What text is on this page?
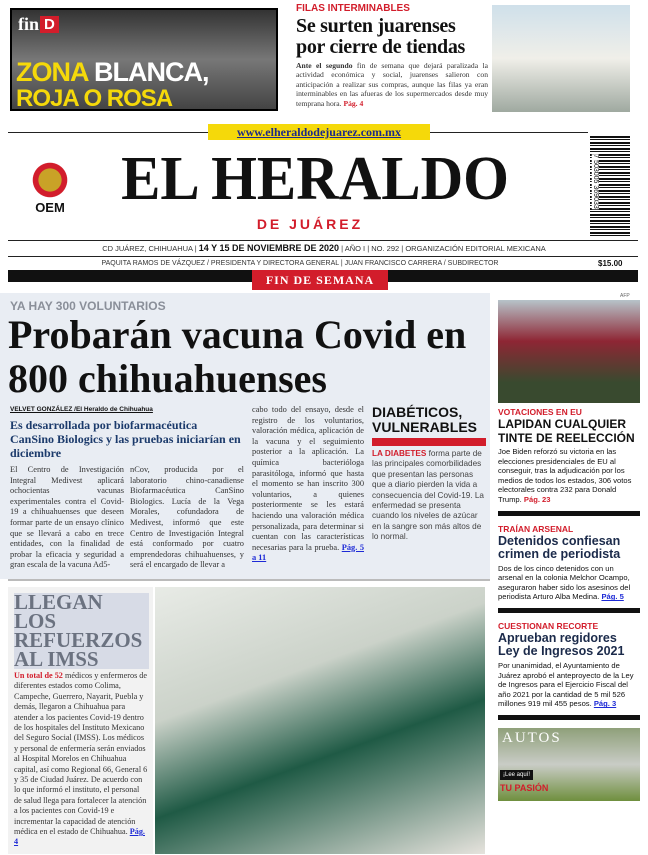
fin D
ZONA BLANCA,
ROJA O ROSA
FILAS INTERMINABLES
Se surten juarenses por cierre de tiendas
Ante el segundo fin de semana que dejará paralizada la actividad económica y social, juarenses salieron con anticipación a realizar sus compras, aunque las filas ya eran interminables en las afueras de los supermercados desde muy temprana hora. Pág. 4
www.elheraldodejuarez.com.mx
OEM EL HERALDO
DE JUÁREZ
7 503005 369033
CD JUÁREZ, CHIHUAHUA | 14 Y 15 DE NOVIEMBRE DE 2020 | AÑO I | NO. 292 | ORGANIZACIÓN EDITORIAL MEXICANA
PAQUITA RAMOS DE VÁZQUEZ / PRESIDENTA Y DIRECTORA GENERAL | JUAN FRANCISCO CARRERA / SUBDIRECTOR	$15.00
FIN DE SEMANA
YA HAY 300 VOLUNTARIOS
Probarán vacuna Covid en 800 chihuahuenses
VELVET GONZÁLEZ /El Heraldo de Chihuahua
Es desarrollada por biofarmacéutica CanSino Biologics y las pruebas iniciarían en diciembre
El Centro de Investigación Integral Medivest aplicará ochocientas vacunas experimentales contra el Covid-19 a chihuahuenses que deseen formar parte de un ensayo clínico que se llevará a cabo en trece entidades, con la finalidad de probar la eficacia y seguridad a gran escala de la vacuna Ad5-
nCov, producida por el laboratorio chino-canadiense Biofarmacéutica CanSino Biologics. Lucía de la Vega Morales, cofundadora de Medivest, informó que este Centro de Investigación Integral está conformado por cuatro emprendedoras chihuahuenses, y será el encargado de llevar a
cabo todo del ensayo, desde el registro de los voluntarios, valoración médica, aplicación de la vacuna y el seguimiento posterior a la aplicación. La química bacterióloga parasitóloga, informó que hasta el momento se han inscrito 300 voluntarios, a quienes posteriormente se les estará haciendo una valoración médica personalizada, para determinar si cuentan con las características necesarias para la prueba. Pág. 5 a 11
DIABÉTICOS, VULNERABLES
LA DIABETES forma parte de las principales comorbilidades que presentan las personas que a diario pierden la vida a consecuencia del Covid-19. La enfermedad se presenta cuando los niveles de azúcar en la sangre son más altos de lo normal.
LLEGAN LOS REFUERZOS AL IMSS
Un total de 52 médicos y enfermeros de diferentes estados como Colima, Campeche, Guerrero, Nayarit, Puebla y demás, llegaron a Chihuahua para atender a los pacientes Covid-19 dentro de los hospitales del Instituto Mexicano del Seguro Social (IMSS). Los médicos y personal de enfermería serán enviados al Hospital Morelos en Chihuahua capital, así como Regional 66, General 6 y 35 de Ciudad Juárez. De acuerdo con lo que informó el instituto, el personal de salud llega para fortalecer la atención a los pacientes con Covid-19 e incrementar la capacidad de atención médica en el estado de Chihuahua. Pág. 4
AFP
VOTACIONES EN EU
LAPIDAN CUALQUIER TINTE DE REELECCIÓN
Joe Biden reforzó su victoria en las elecciones presidenciales de EU al conseguir, tras la adjudicación por los medios de todos los estados, 306 votos electorales contra 232 para Donald Trump. Pág. 23
TRAÍAN ARSENAL
Detenidos confiesan crimen de periodista
Dos de los cinco detenidos con un arsenal en la colonia Melchor Ocampo, aseguraron haber sido los asesinos del periodista Arturo Alba Medina. Pág. 5
CUESTIONAN RECORTE
Aprueban regidores Ley de Ingresos 2021
Por unanimidad, el Ayuntamiento de Juárez aprobó el anteproyecto de la Ley de Ingresos para el Ejercicio Fiscal del año 2021 por la cantidad de 5 mil 526 millones 919 mil 455 pesos. Pág. 3
AUTOS
¡Lee aquí!
TU PASIÓN
